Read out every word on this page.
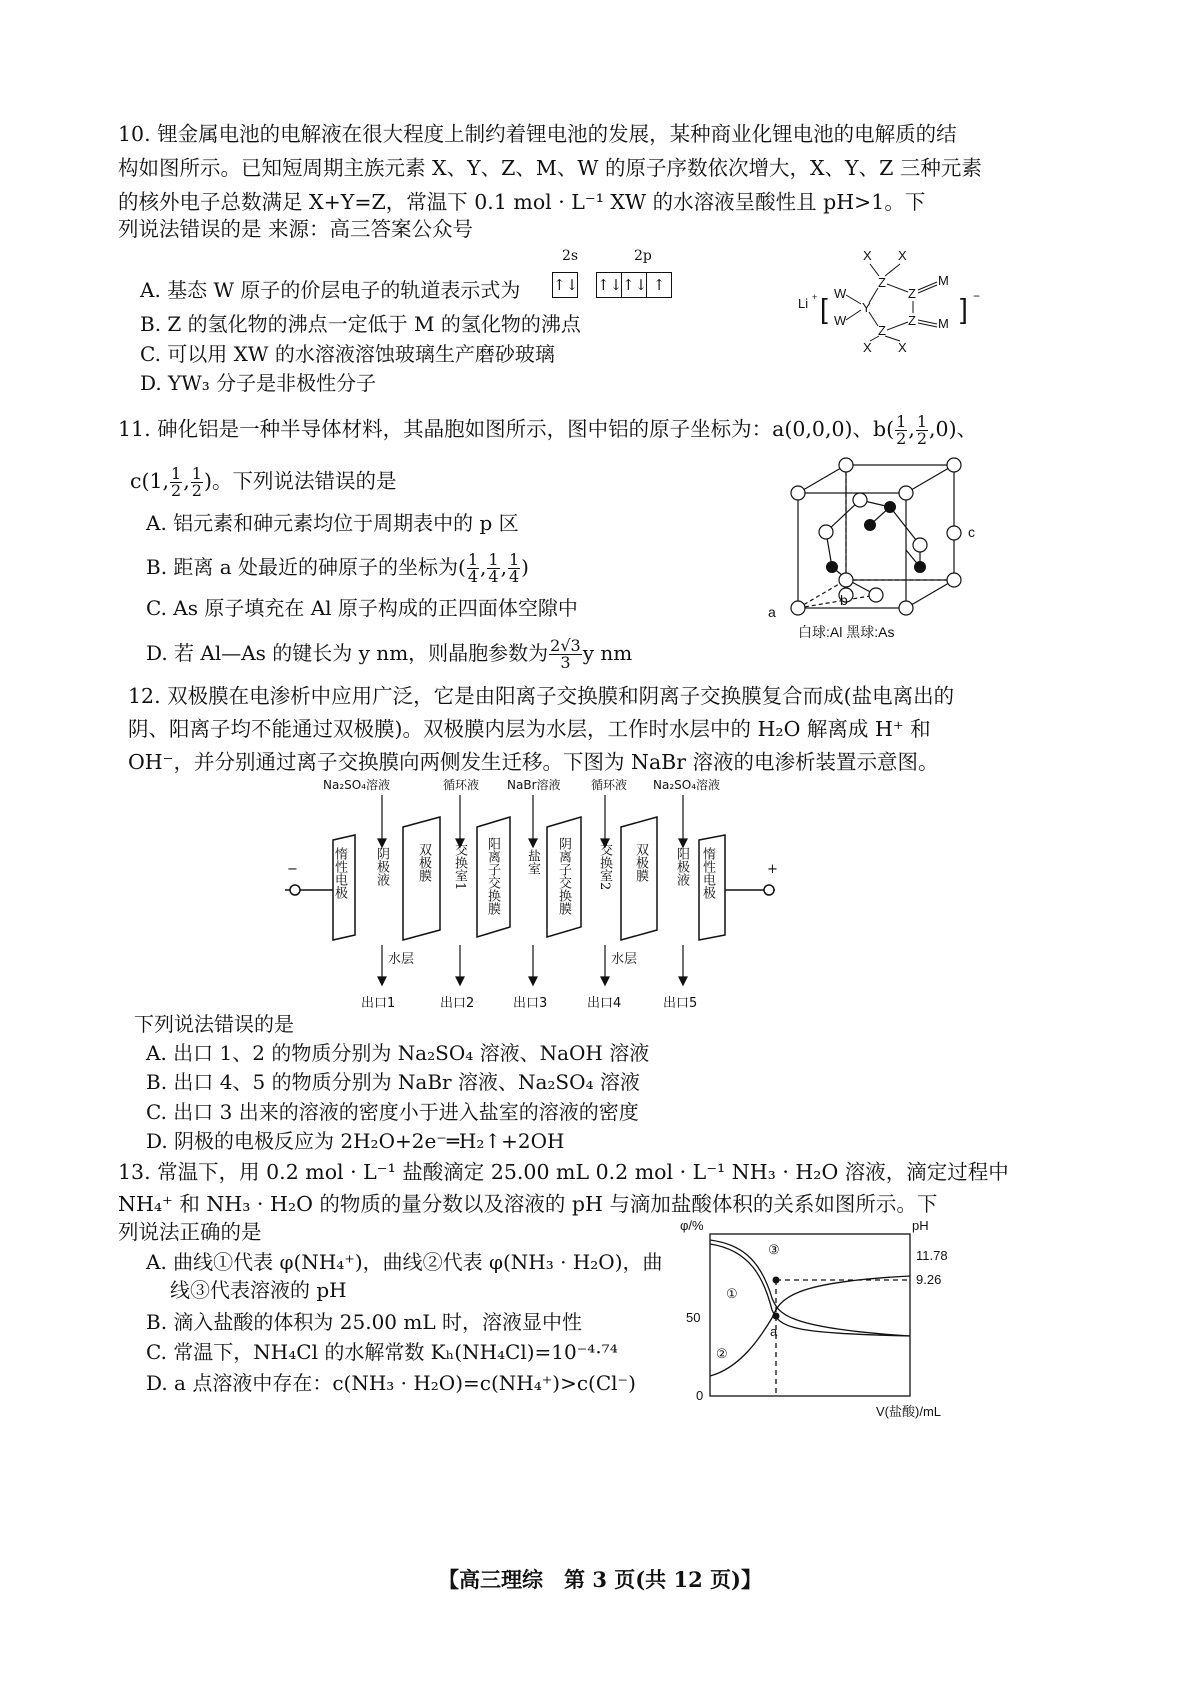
10. 锂金属电池的电解液在很大程度上制约着锂电池的发展，某种商业化锂电池的电解质的结
构如图所示。已知短周期主族元素 X、Y、Z、M、W 的原子序数依次增大，X、Y、Z 三种元素
的核外电子总数满足 X+Y=Z，常温下 0.1 mol · L⁻¹ XW 的水溶液呈酸性且 pH>1。下
列说法错误的是 来源：高三答案公众号
A. 基态 W 原子的价层电子的轨道表示式为
2s	2p
↑↓ ↑↓↑↓ ↑
B. Z 的氢化物的沸点一定低于 M 的氢化物的沸点
C. 可以用 XW 的水溶液溶蚀玻璃生产磨砂玻璃
D. YW₃ 分子是非极性分子
Li + [ W
W
Y
Z
Z
Z
Z
M
M
X X
X X
] −
11. 砷化铝是一种半导体材料，其晶胞如图所示，图中铝的原子坐标为：a(0,0,0)、$b( \frac{1}{2}$ , $\frac{1}{2} ,0$)、
c(1, $\frac{1}{2}$ , $\frac{1}{2}$ )。下列说法错误的是
A. 铝元素和砷元素均位于周期表中的 p 区
B. 距离 a 处最近的砷原子的坐标为( $\frac{1}{4}$ , $\frac{1}{4}$ , $\frac{1}{4}$ )
C. As 原子填充在 Al 原子构成的正四面体空隙中
D. 若 Al—As 的键长为 y nm，则晶胞参数为 $\frac{2√3}{3}$ y nm
a
b
c
白球:Al 黑球:As
12. 双极膜在电渗析中应用广泛，它是由阳离子交换膜和阴离子交换膜复合而成(盐电离出的
阴、阳离子均不能通过双极膜)。双极膜内层为水层，工作时水层中的 H₂O 解离成 H⁺ 和
OH⁻，并分别通过离子交换膜向两侧发生迁移。下图为 NaBr 溶液的电渗析装置示意图。
Na₂SO₄溶液	循环液 NaBr溶液	循环液 Na₂SO₄溶液
−	+
水层	水层
出口1	出口2	出口3	出口4	出口5
惰性电极 阴极液 双极膜 交换室1 阳离子交换膜 盐室 阴离子交换膜 交换室2 双极膜 阳极液 惰性电极
下列说法错误的是
A. 出口 1、2 的物质分别为 Na₂SO₄ 溶液、NaOH 溶液
B. 出口 4、5 的物质分别为 NaBr 溶液、Na₂SO₄ 溶液
C. 出口 3 出来的溶液的密度小于进入盐室的溶液的密度
D. 阴极的电极反应为 2H₂O+2e⁻═H₂↑+2OH
13. 常温下，用 0.2 mol · L⁻¹ 盐酸滴定 25.00 mL 0.2 mol · L⁻¹ NH₃ · H₂O 溶液，滴定过程中
NH₄⁺ 和 NH₃ · H₂O 的物质的量分数以及溶液的 pH 与滴加盐酸体积的关系如图所示。下
列说法正确的是
A. 曲线①代表 φ(NH₄⁺)，曲线②代表 φ(NH₃ · H₂O)，曲
线③代表溶液的 pH
B. 滴入盐酸的体积为 25.00 mL 时，溶液显中性
C. 常温下，NH₄Cl 的水解常数 Kₕ(NH₄Cl)=10⁻⁴·⁷⁴
D. a 点溶液中存在：c(NH₃ · H₂O)=c(NH₄⁺)>c(Cl⁻)
φ/%	pH
50
0
11.78
9.26
V(盐酸)/mL
①
②
③
a
【高三理综　第 3 页(共 12 页)】
